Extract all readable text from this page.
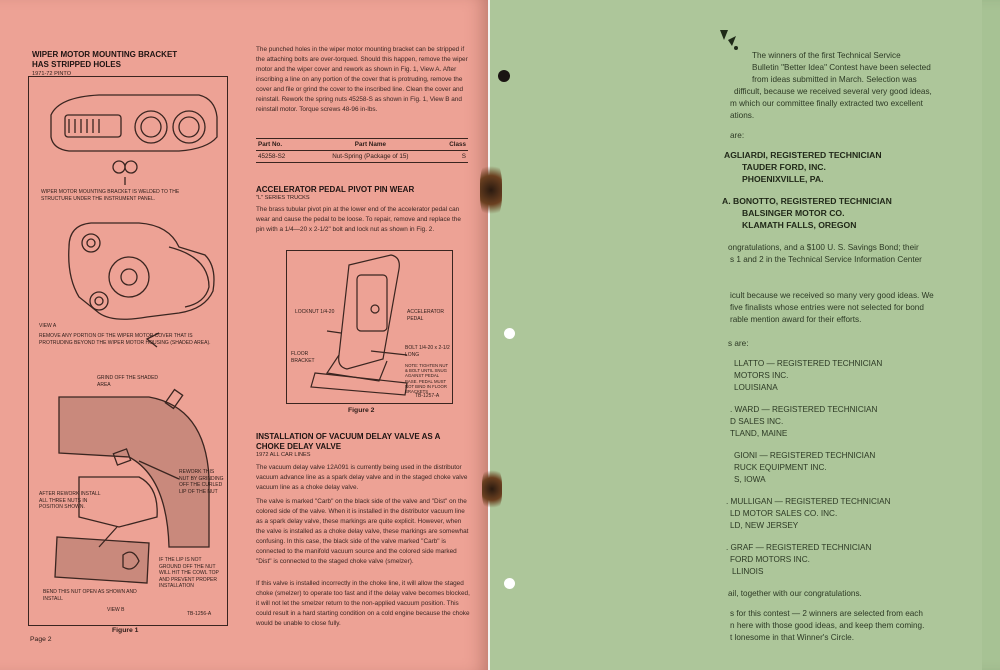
WIPER MOTOR MOUNTING BRACKET
HAS STRIPPED HOLES
1971-72 PINTO
WIPER MOTOR MOUNTING BRACKET IS WELDED TO THE STRUCTURE UNDER THE INSTRUMENT PANEL.
VIEW A
REMOVE ANY PORTION OF THE WIPER MOTOR COVER THAT IS PROTRUDING BEYOND THE WIPER MOTOR HOUSING (SHADED AREA).
GRIND OFF THE SHADED AREA
REWORK THIS NUT BY GRINDING OFF THE CURLED LIP OF THE NUT
AFTER REWORK INSTALL ALL THREE NUTS IN POSITION SHOWN.
IF THE LIP IS NOT GROUND OFF THE NUT WILL HIT THE COWL TOP AND PREVENT PROPER INSTALLATION
BEND THIS NUT OPEN AS SHOWN AND INSTALL
VIEW B
TB-1256-A
Figure 1
Page 2
The punched holes in the wiper motor mounting bracket can be stripped if the attaching bolts are over-torqued. Should this happen, remove the wiper motor and the wiper cover and rework as shown in Fig. 1, View A. After inscribing a line on any portion of the cover that is protruding, remove the cover and file or grind the cover to the inscribed line. Clean the cover and reinstall. Rework the spring nuts 45258-S as shown in Fig. 1, View B and reinstall motor. Torque screws 48-96 in-lbs.
Part No.	Part Name	Class
45258-S2	Nut-Spring (Package of 15)	S
ACCELERATOR PEDAL PIVOT PIN WEAR
"L" SERIES TRUCKS
The brass tubular pivot pin at the lower end of the accelerator pedal can wear and cause the pedal to be loose. To repair, remove and replace the pin with a 1/4—20 x 2-1/2" bolt and lock nut as shown in Fig. 2.
LOCKNUT 1/4-20	ACCELERATOR PEDAL
FLOOR BRACKET
BOLT 1/4-20 x 2-1/2 LONG
NOTE: TIGHTEN NUT & BOLT UNTIL SNUG AGAINST PEDAL BASE. PEDAL MUST NOT BIND IN FLOOR BRACKETS
TB-1257-A
Figure 2
INSTALLATION OF VACUUM DELAY VALVE AS A
CHOKE DELAY VALVE
1972 ALL CAR LINES
The vacuum delay valve 12A091 is currently being used in the distributor vacuum advance line as a spark delay valve and in the staged choke valve vacuum line as a choke delay valve.
The valve is marked "Carb" on the black side of the valve and "Dist" on the colored side of the valve. When it is installed in the distributor vacuum line as a spark delay valve, these markings are quite explicit. However, when the valve is installed as a choke delay valve, these markings are somewhat confusing. In this case, the black side of the valve marked "Carb" is connected to the manifold vacuum source and the colored side marked "Dist" is connected to the staged choke valve (smelzer).
If this valve is installed incorrectly in the choke line, it will allow the staged choke (smelzer) to operate too fast and if the delay valve becomes blocked, it will not let the smelzer return to the non-applied vacuum position. This could result in a hard starting condition on a cold engine because the choke would be unable to close fully.
The winners of the first Technical Service
Bulletin "Better Idea" Contest have been selected
from ideas submitted in March. Selection was
difficult, because we received several very good ideas,
m which our committee finally extracted two excellent
ations.
are:
AGLIARDI, REGISTERED TECHNICIAN
TAUDER FORD, INC.
PHOENIXVILLE, PA.
A. BONOTTO, REGISTERED TECHNICIAN
BALSINGER MOTOR CO.
KLAMATH FALLS, OREGON
ongratulations, and a $100 U. S. Savings Bond; their
s 1 and 2 in the Technical Service Information Center
icult because we received so many very good ideas. We
five finalists whose entries were not selected for bond
rable mention award for their efforts.
s are:
LLATTO — REGISTERED TECHNICIAN
MOTORS INC.
LOUISIANA
. WARD — REGISTERED TECHNICIAN
D SALES INC.
TLAND, MAINE
GIONI — REGISTERED TECHNICIAN
RUCK EQUIPMENT INC.
S, IOWA
. MULLIGAN — REGISTERED TECHNICIAN
LD MOTOR SALES CO. INC.
LD, NEW JERSEY
. GRAF — REGISTERED TECHNICIAN
FORD MOTORS INC.
LLINOIS
ail, together with our congratulations.
s for this contest — 2 winners are selected from each
n here with those good ideas, and keep them coming.
t lonesome in that Winner's Circle.
